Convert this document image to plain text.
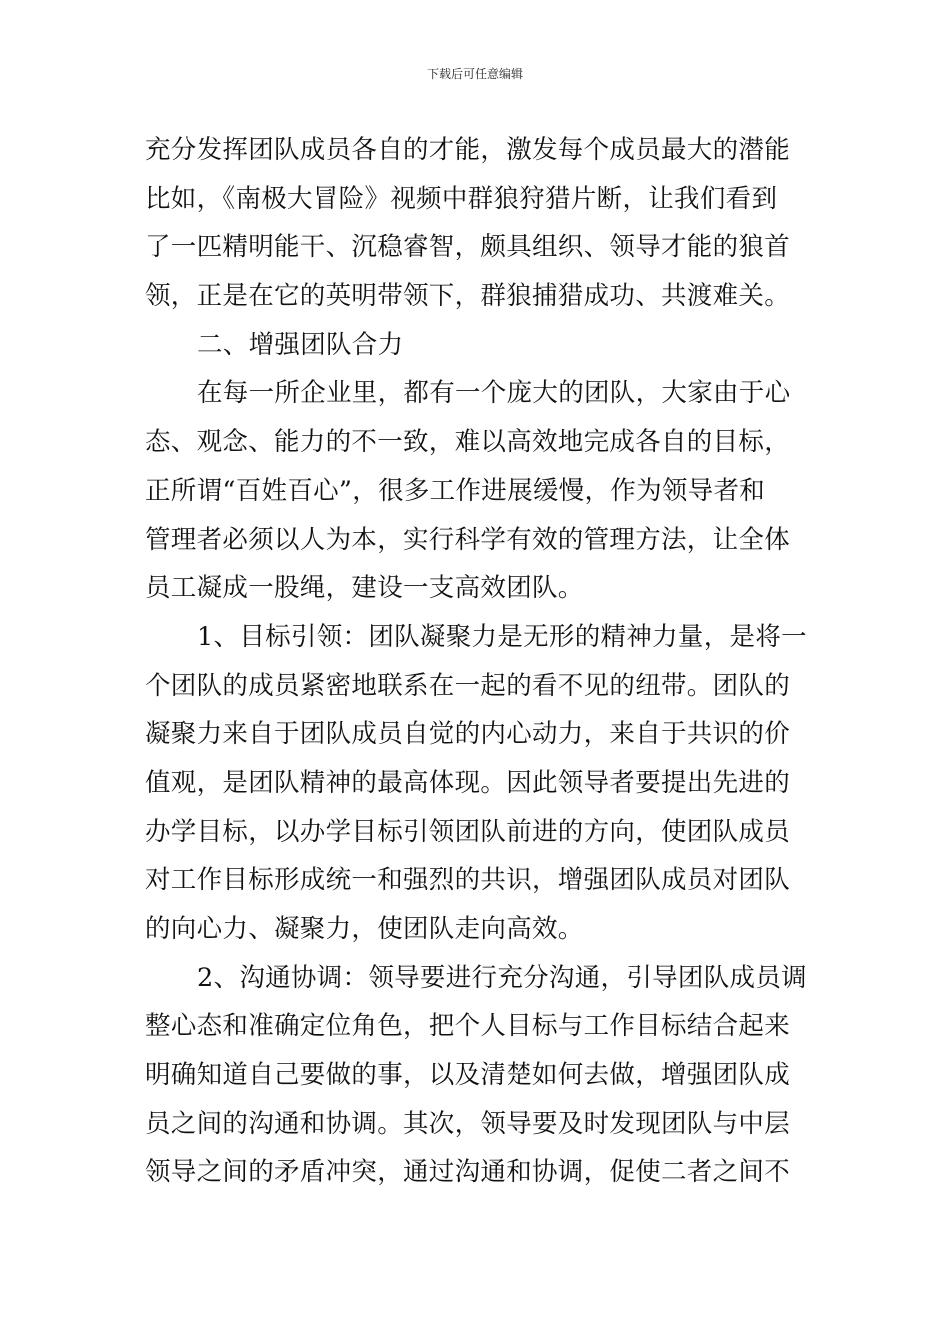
下载后可任意编辑
充分发挥团队成员各自的才能，激发每个成员最大的潜能
比如，《南极大冒险》视频中群狼狩猎片断，让我们看到
了一匹精明能干、沉稳睿智，颇具组织、领导才能的狼首
领，正是在它的英明带领下，群狼捕猎成功、共渡难关。
二、增强团队合力
在每一所企业里，都有一个庞大的团队，大家由于心
态、观念、能力的不一致，难以高效地完成各自的目标，
正所谓“百姓百心”，很多工作进展缓慢，作为领导者和
管理者必须以人为本，实行科学有效的管理方法，让全体
员工凝成一股绳，建设一支高效团队。
1、目标引领：团队凝聚力是无形的精神力量，是将一
个团队的成员紧密地联系在一起的看不见的纽带。团队的
凝聚力来自于团队成员自觉的内心动力，来自于共识的价
值观，是团队精神的最高体现。因此领导者要提出先进的
办学目标，以办学目标引领团队前进的方向，使团队成员
对工作目标形成统一和强烈的共识，增强团队成员对团队
的向心力、凝聚力，使团队走向高效。
2、沟通协调：领导要进行充分沟通，引导团队成员调
整心态和准确定位角色，把个人目标与工作目标结合起来
明确知道自己要做的事，以及清楚如何去做，增强团队成
员之间的沟通和协调。其次，领导要及时发现团队与中层
领导之间的矛盾冲突，通过沟通和协调，促使二者之间不
